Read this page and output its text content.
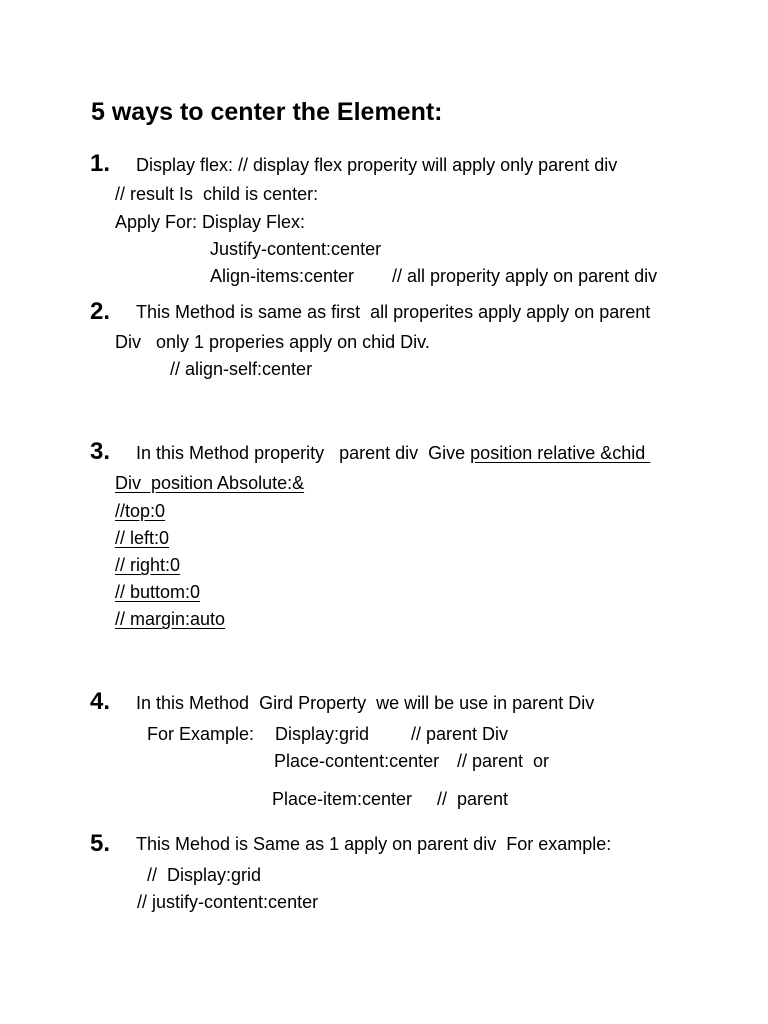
5 ways to center the Element:
1. Display flex: // display flex properity will apply only parent div
// result Is  child is center:
Apply For: Display Flex:
Justify-content:center
Align-items:center // all properity apply on parent div
2. This Method is same as first  all properites apply apply on parent
Div   only 1 properies apply on chid Div.
// align-self:center
3. In this Method properity   parent div  Give position relative &chid
Div  position Absolute:&
//top:0
// left:0
// right:0
// buttom:0
// margin:auto
4. In this Method  Gird Property  we will be use in parent Div
For Example: Display:grid // parent Div
Place-content:center // parent  or
Place-item:center //  parent
5. This Mehod is Same as 1 apply on parent div  For example:
//  Display:grid
// justify-content:center
